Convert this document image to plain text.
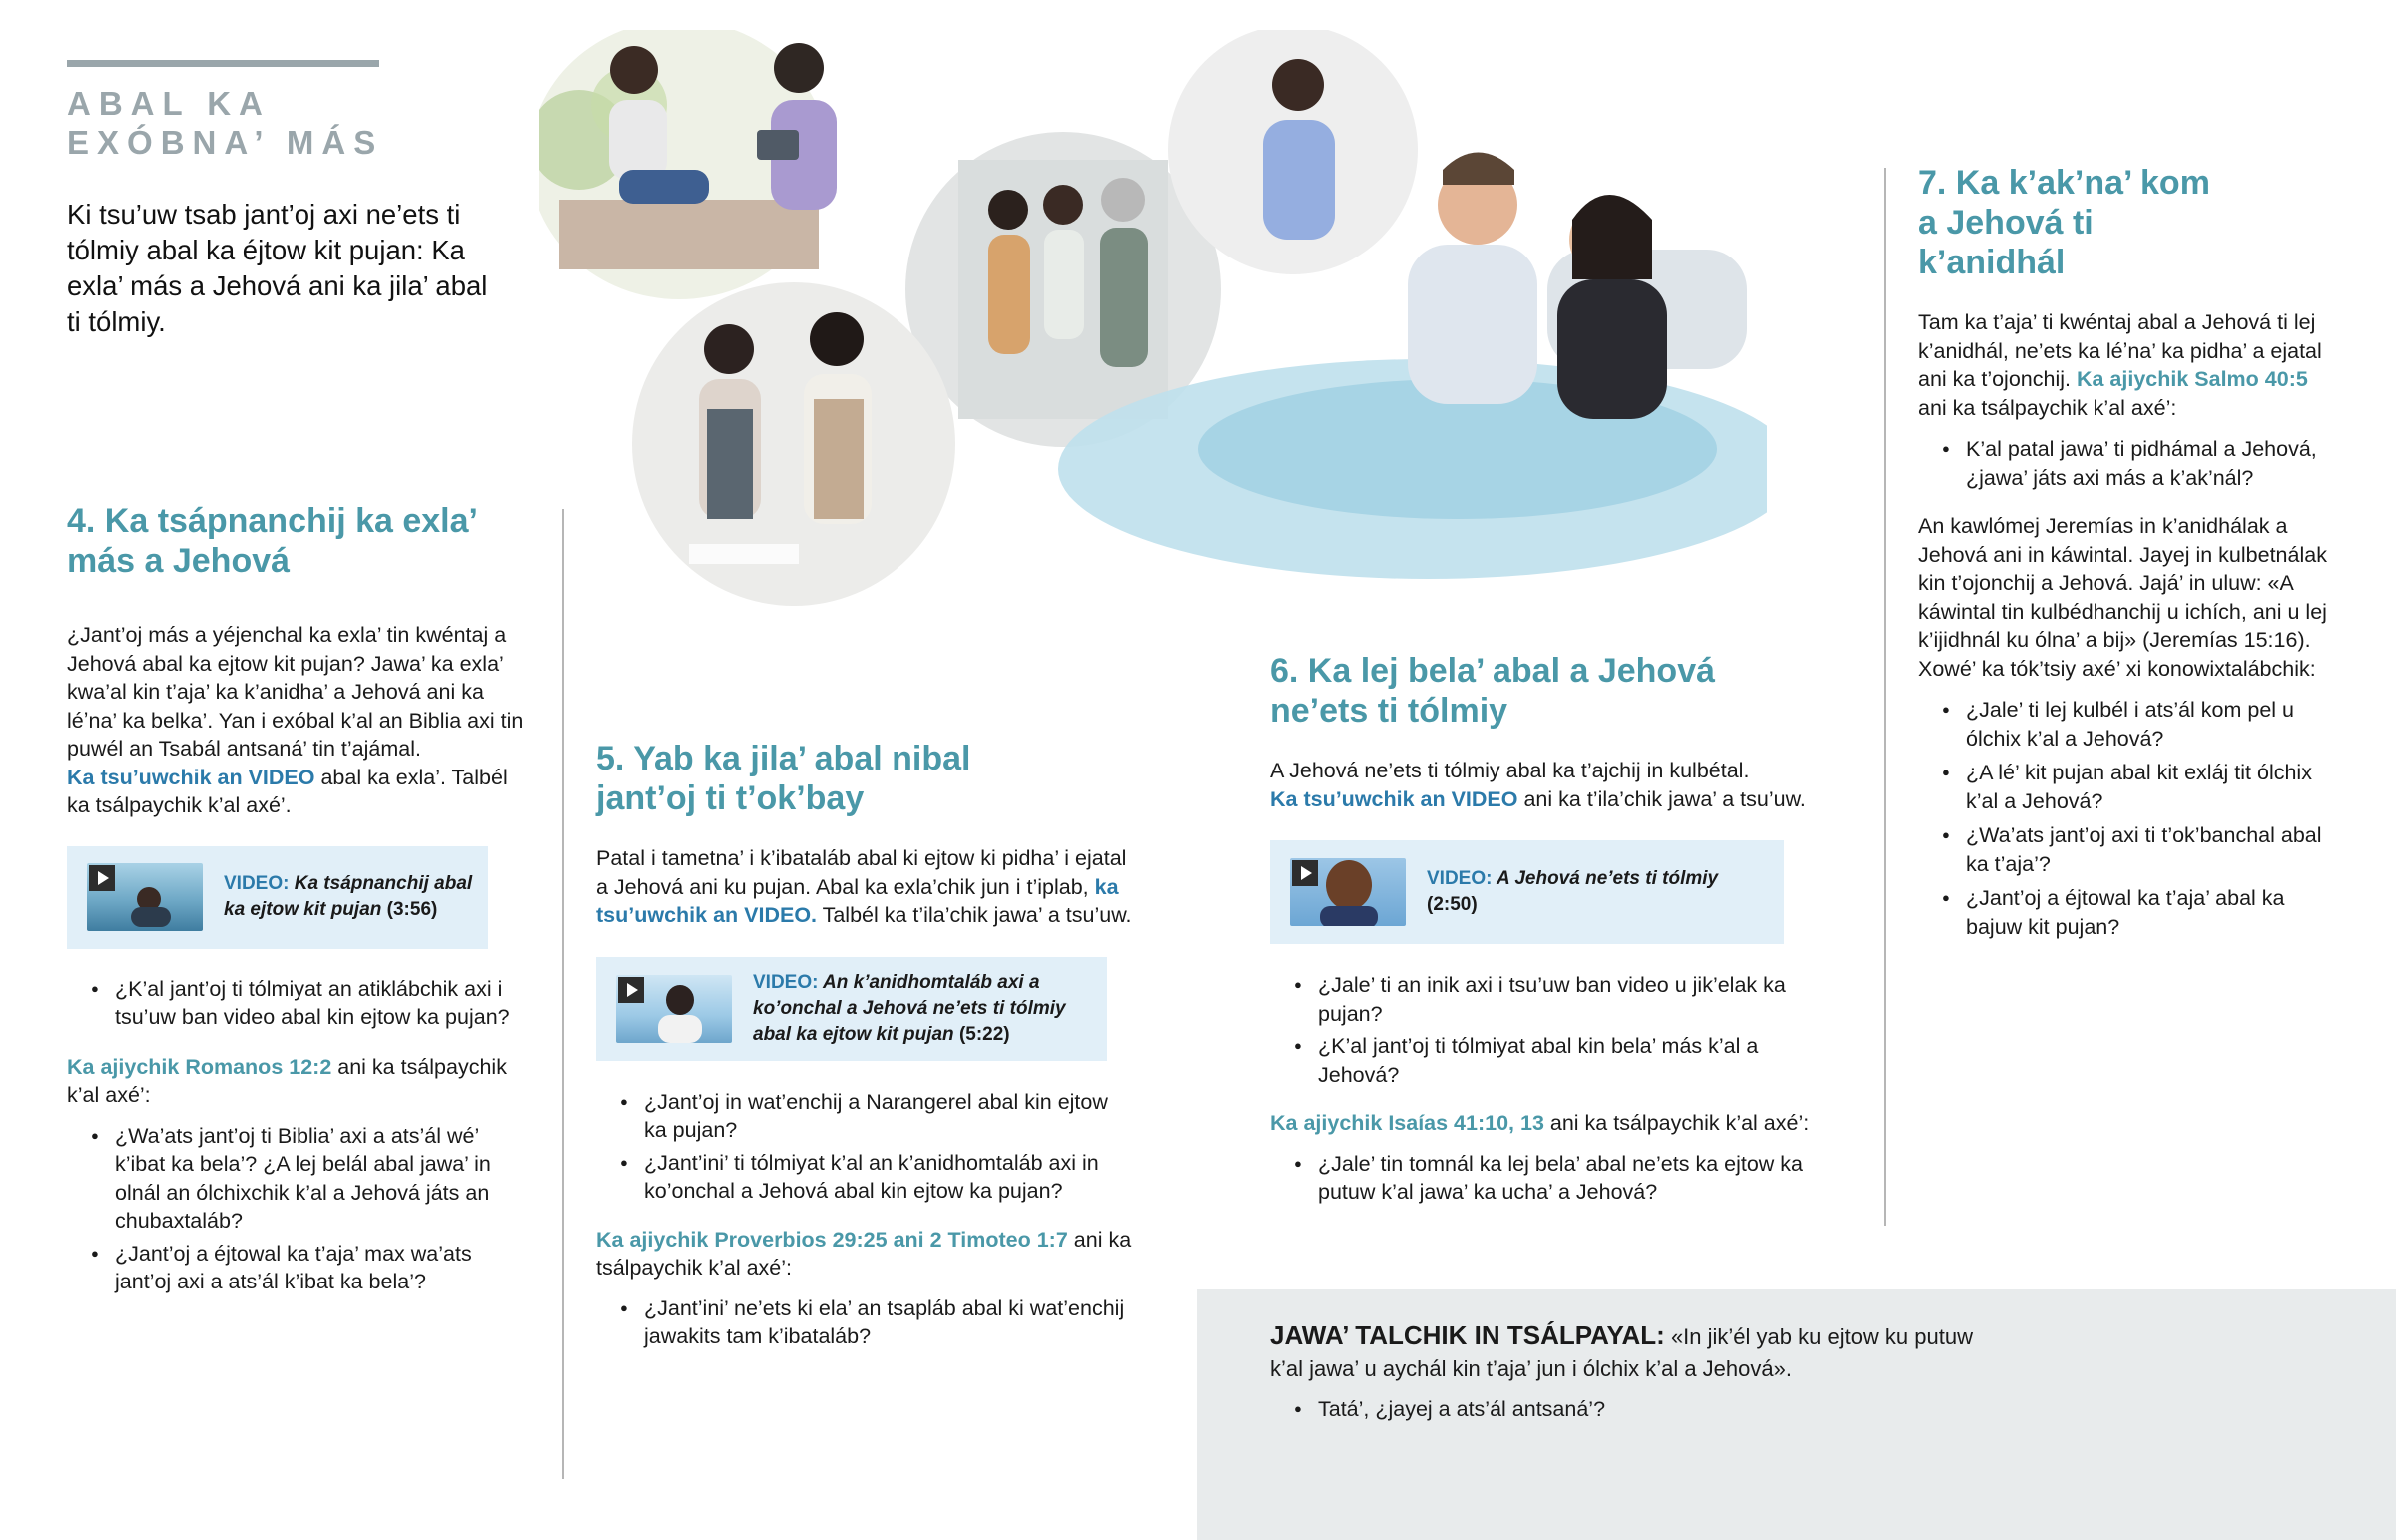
ABAL KA
EXÓBNA’ MÁS
Ki tsu’uw tsab jant’oj axi ne’ets ti tólmiy abal ka éjtow kit pujan: Ka exla’ más a Jehová ani ka jila’ abal ti tólmiy.
4. Ka tsápnanchij ka exla’ más a Jehová

¿Jant’oj más a yéjenchal ka exla’ tin kwéntaj a Jehová abal ka ejtow kit pujan? Jawa’ ka exla’ kwa’al kin t’aja’ ka k’anidha’ a Jehová ani ka léʼna’ ka belka’. Yan i exóbal k’al an Biblia axi tin puwél an Tsabál antsaná’ tin t’ajámal.
Ka tsu’uwchik an VIDEO abal ka exla’. Talbél ka tsálpaychik k’al axé’.

VIDEO: Ka tsápnanchij abal ka ejtow kit pujan (3:56)
● ¿K’al jant’oj ti tólmiyat an atiklábchik axi i tsu’uw ban video abal kin ejtow ka pujan?

Ka ajiychik Romanos 12:2 ani ka tsálpaychik k’al axé’:

● ¿Wa’ats jant’oj ti Biblia’ axi a ats’ál wé’ k’ibat ka bela’? ¿A lej belál abal jawa’ in olnál an ólchixchik k’al a Jehová játs an chubaxtaláb?
● ¿Jant’oj a éjtowal ka t’aja’ max wa’ats jant’oj axi a ats’ál k’ibat ka bela’?
5. Yab ka jila’ abal nibal jant’oj ti t’ok’bay

Patal i tametna’ i k’ibataláb abal ki ejtow ki pidha’ i ejatal a Jehová ani ku pujan. Abal ka exla’chik jun i t’iplab, ka tsu’uwchik an VIDEO. Talbél ka t’ila’chik jawa’ a tsu’uw.

VIDEO: An k’anidhomtaláb axi a ko’onchal a Jehová ne’ets ti tólmiy abal ka ejtow kit pujan (5:22)
● ¿Jant’oj in wat’enchij a Narangerel abal kin ejtow ka pujan?
● ¿Jant’ini’ ti tólmiyat k’al an k’anidhomtaláb axi in ko’onchal a Jehová abal kin ejtow ka pujan?

Ka ajiychik Proverbios 29:25 ani 2 Timoteo 1:7 ani ka tsálpaychik k’al axé’:

● ¿Jant’ini’ ne’ets ki ela’ an tsapláb abal ki wat’enchij jawakits tam k’ibataláb?
6. Ka lej bela’ abal a Jehová ne’ets ti tólmiy

A Jehová ne’ets ti tólmiy abal ka t’ajchij in kulbétal.
Ka tsu’uwchik an VIDEO ani ka t’ila’chik jawa’ a tsu’uw.

VIDEO: A Jehová ne’ets ti tólmiy
(2:50)
● ¿Jale’ ti an inik axi i tsu’uw ban video u jik’elak ka pujan?
● ¿K’al jant’oj ti tólmiyat abal kin bela’ más k’al a Jehová?

Ka ajiychik Isaías 41:10, 13 ani ka tsálpaychik k’al axé’:

● ¿Jale’ tin tomnál ka lej bela’ abal ne’ets ka ejtow ka putuw k’al jawa’ ka ucha’ a Jehová?
7. Ka k’ak’na’ kom a Jehová ti k’anidhál

Tam ka t’aja’ ti kwéntaj abal a Jehová ti lej k’anidhál, ne’ets ka léʼna’ ka pidha’ a ejatal ani ka t’ojonchij. Ka ajiychik Salmo 40:5 ani ka tsálpaychik k’al axé’:

● K’al patal jawa’ ti pidhámal a Jehová, ¿jawa’ játs axi más a k’ak’nál?

An kawlómej Jeremías in k’anidhálak a Jehová ani in káwintal. Jayej in kulbetnálak kin t’ojonchij a Jehová. Jajá’ in uluw: «A káwintal tin kulbédhanchij u ichích, ani u lej k’ijidhnál ku ólna’ a bij» (Jeremías 15:16). Xowé’ ka tók’tsiy axé’ xi konowixtalábchik:

● ¿Jale’ ti lej kulbél i ats’ál kom pel u ólchix k’al a Jehová?
● ¿A lé’ kit pujan abal kit exláj tit ólchix k’al a Jehová?
● ¿Wa’ats jant’oj axi ti t’ok’banchal abal ka t’aja’?
● ¿Jant’oj a éjtowal ka t’aja’ abal ka bajuw kit pujan?
JAWA’ TALCHIK IN TSÁLPAYAL: «In jik’él yab ku ejtow ku putuw k’al jawa’ u aychál kin t’aja’ jun i ólchix k’al a Jehová».
● Tatá’, ¿jayej a ats’ál antsaná’?
